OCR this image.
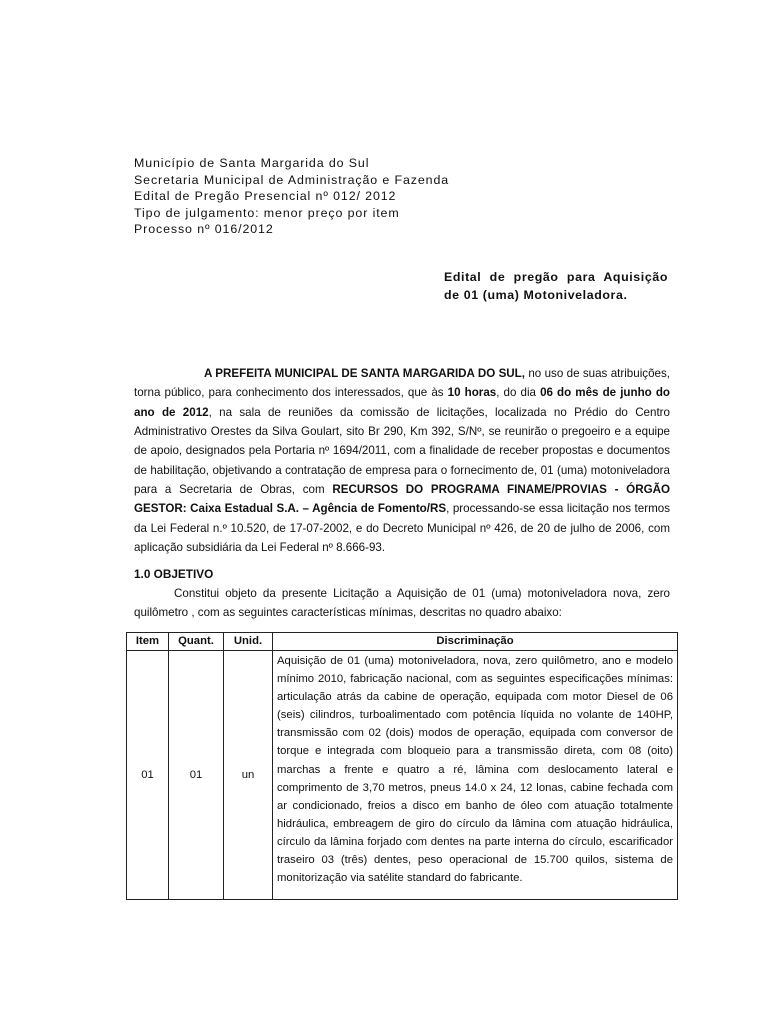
Município de Santa Margarida do Sul
Secretaria Municipal de Administração e Fazenda
Edital de Pregão Presencial nº 012/ 2012
Tipo de julgamento: menor preço por item
Processo nº 016/2012
Edital de pregão para Aquisição de 01 (uma) Motoniveladora.

A PREFEITA MUNICIPAL DE SANTA MARGARIDA DO SUL, no uso de suas atribuições, torna público, para conhecimento dos interessados, que às 10 horas, do dia 06 do mês de junho do ano de 2012, na sala de reuniões da comissão de licitações, localizada no Prédio do Centro Administrativo Orestes da Silva Goulart, sito Br 290, Km 392, S/Nº, se reunirão o pregoeiro e a equipe de apoio, designados pela Portaria nº 1694/2011, com a finalidade de receber propostas e documentos de habilitação, objetivando a contratação de empresa para o fornecimento de, 01 (uma) motoniveladora para a Secretaria de Obras, com RECURSOS DO PROGRAMA FINAME/PROVIAS - ÓRGÃO GESTOR: Caixa Estadual S.A. – Agência de Fomento/RS, processando-se essa licitação nos termos da Lei Federal n.º 10.520, de 17-07-2002, e do Decreto Municipal nº 426, de 20 de julho de 2006, com aplicação subsidiária da Lei Federal nº 8.666-93.

1.0 OBJETIVO

Constitui objeto da presente Licitação a Aquisição de 01 (uma) motoniveladora nova, zero quilômetro , com as seguintes características mínimas, descritas no quadro abaixo:

Item	Quant.	Unid.	Discriminação
01	01	un	Aquisição de 01 (uma) motoniveladora, nova, zero quilômetro, ano e modelo mínimo 2010, fabricação nacional, com as seguintes especificações mínimas: articulação atrás da cabine de operação, equipada com motor Diesel de 06 (seis) cilindros, turboalimentado com potência líquida no volante de 140HP, transmissão com 02 (dois) modos de operação, equipada com conversor de torque e integrada com bloqueio para a transmissão direta, com 08 (oito) marchas a frente e quatro a ré, lâmina com deslocamento lateral e comprimento de 3,70 metros, pneus 14.0 x 24, 12 lonas, cabine fechada com ar condicionado, freios a disco em banho de óleo com atuação totalmente hidráulica, embreagem de giro do círculo da lâmina com atuação hidráulica, círculo da lâmina forjado com dentes na parte interna do círculo, escarificador traseiro 03 (três) dentes, peso operacional de 15.700 quilos, sistema de monitorização via satélite standard do fabricante.
